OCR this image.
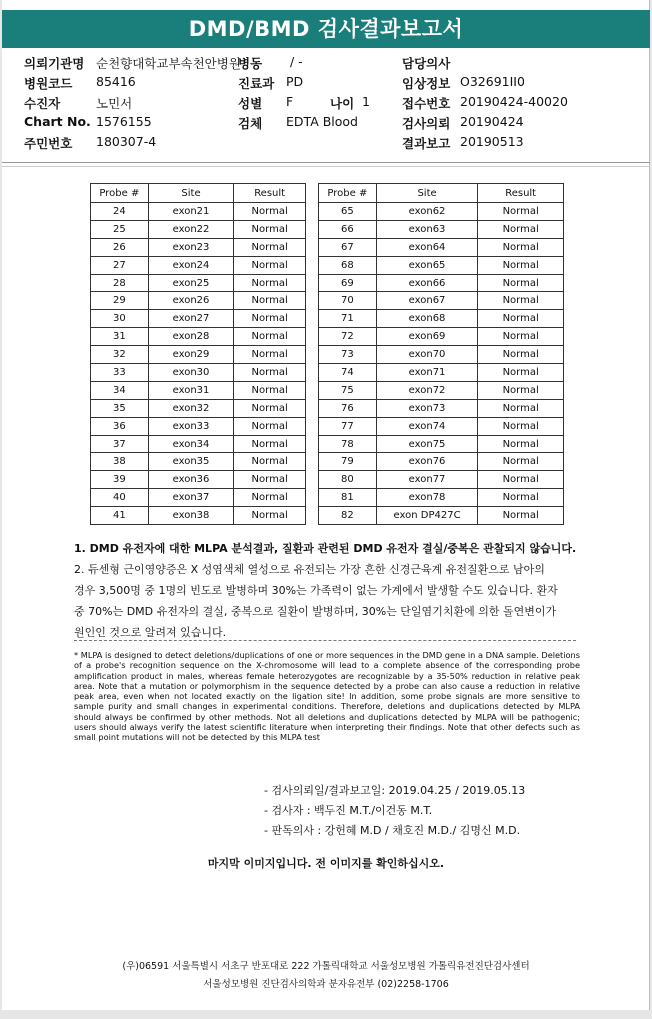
DMD/BMD 검사결과보고서
의뢰기관명 순천향대학교부속천안병원
병동 / -	담당의사
병원코드 85416	진료과 PD	임상정보 O32691II0
수진자	노민서	성별 F	나이 1	접수번호 20190424-40020
Chart No. 1576155	검체 EDTA Blood	검사의뢰 20190424
주민번호 180307-4	결과보고 20190513
Probe #	Site	Result
24	exon21	Normal
25	exon22	Normal
26	exon23	Normal
27	exon24	Normal
28	exon25	Normal
29	exon26	Normal
30	exon27	Normal
31	exon28	Normal
32	exon29	Normal
33	exon30	Normal
34	exon31	Normal
35	exon32	Normal
36	exon33	Normal
37	exon34	Normal
38	exon35	Normal
39	exon36	Normal
40	exon37	Normal
41	exon38	Normal
Probe #	Site	Result
65	exon62	Normal
66	exon63	Normal
67	exon64	Normal
68	exon65	Normal
69	exon66	Normal
70	exon67	Normal
71	exon68	Normal
72	exon69	Normal
73	exon70	Normal
74	exon71	Normal
75	exon72	Normal
76	exon73	Normal
77	exon74	Normal
78	exon75	Normal
79	exon76	Normal
80	exon77	Normal
81	exon78	Normal
82	exon DP427C	Normal
1. DMD 유전자에 대한 MLPA 분석결과, 질환과 관련된 DMD 유전자 결실/중복은 관찰되지 않습니다.
2. 듀센형 근이영양증은 X 성염색체 열성으로 유전되는 가장 흔한 신경근육계 유전질환으로 남아의
경우 3,500명 중 1명의 빈도로 발병하며 30%는 가족력이 없는 가계에서 발생할 수도 있습니다. 환자
중 70%는 DMD 유전자의 결실, 중복으로 질환이 발병하며, 30%는 단일염기치환에 의한 돌연변이가
원인인 것으로 알려져 있습니다.
* MLPA is designed to detect deletions/duplications of one or more sequences in the DMD gene in a DNA sample. Deletions of a probe's recognition sequence on the X-chromosome will lead to a complete absence of the corresponding probe amplification product in males, whereas female heterozygotes are recognizable by a 35-50% reduction in relative peak area. Note that a mutation or polymorphism in the sequence detected by a probe can also cause a reduction in relative peak area, even when not located exactly on the ligation site! In addition, some probe signals are more sensitive to sample purity and small changes in experimental conditions. Therefore, deletions and duplications detected by MLPA should always be confirmed by other methods. Not all deletions and duplications detected by MLPA will be pathogenic; users should always verify the latest scientific literature when interpreting their findings. Note that other defects such as small point mutations will not be detected by this MLPA test
- 검사의뢰일/결과보고일: 2019.04.25 / 2019.05.13
- 검사자 : 백두진 M.T./이건동 M.T.
- 판독의사 : 강헌혜 M.D / 채호진 M.D./ 김명신 M.D.
마지막 이미지입니다. 전 이미지를 확인하십시오.
(우)06591 서울특별시 서초구 반포대로 222 가톨릭대학교 서울성모병원 가톨릭유전진단검사센터
서울성모병원 진단검사의학과 분자유전부 (02)2258-1706
